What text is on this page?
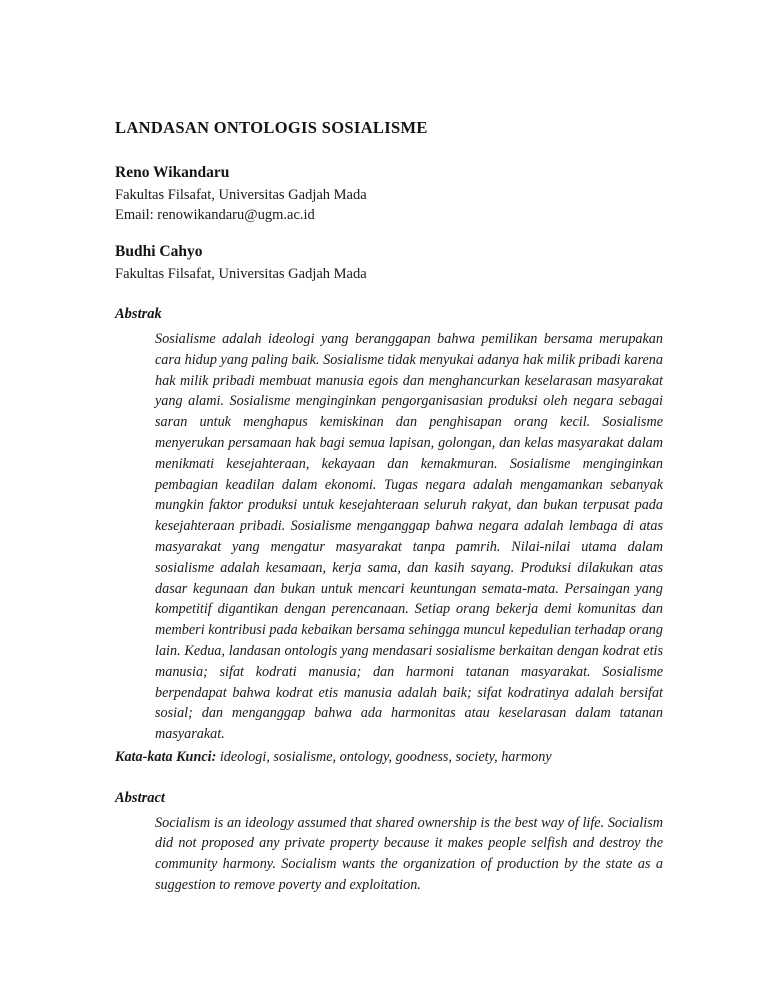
LANDASAN ONTOLOGIS SOSIALISME

Reno Wikandaru

Fakultas Filsafat, Universitas Gadjah Mada

Email: renowikandaru@ugm.ac.id

Budhi Cahyo

Fakultas Filsafat, Universitas Gadjah Mada

Abstrak

Sosialisme adalah ideologi yang beranggapan bahwa pemilikan bersama merupakan cara hidup yang paling baik. Sosialisme tidak menyukai adanya hak milik pribadi karena hak milik pribadi membuat manusia egois dan menghancurkan keselarasan masyarakat yang alami. Sosialisme menginginkan pengorganisasian produksi oleh negara sebagai saran untuk menghapus kemiskinan dan penghisapan orang kecil. Sosialisme menyerukan persamaan hak bagi semua lapisan, golongan, dan kelas masyarakat dalam menikmati kesejahteraan, kekayaan dan kemakmuran. Sosialisme menginginkan pembagian keadilan dalam ekonomi. Tugas negara adalah mengamankan sebanyak mungkin faktor produksi untuk kesejahteraan seluruh rakyat, dan bukan terpusat pada kesejahteraan pribadi. Sosialisme menganggap bahwa negara adalah lembaga di atas masyarakat yang mengatur masyarakat tanpa pamrih. Nilai-nilai utama dalam sosialisme adalah kesamaan, kerja sama, dan kasih sayang. Produksi dilakukan atas dasar kegunaan dan bukan untuk mencari keuntungan semata-mata. Persaingan yang kompetitif digantikan dengan perencanaan. Setiap orang bekerja demi komunitas dan memberi kontribusi pada kebaikan bersama sehingga muncul kepedulian terhadap orang lain. Kedua, landasan ontologis yang mendasari sosialisme berkaitan dengan kodrat etis manusia; sifat kodrati manusia; dan harmoni tatanan masyarakat. Sosialisme berpendapat bahwa kodrat etis manusia adalah baik; sifat kodratinya adalah bersifat sosial; dan menganggap bahwa ada harmonitas atau keselarasan dalam tatanan masyarakat.

Kata-kata Kunci: ideologi, sosialisme, ontology, goodness, society, harmony

Abstract

Socialism is an ideology assumed that shared ownership is the best way of life. Socialism did not proposed any private property because it makes people selfish and destroy the community harmony. Socialism wants the organization of production by the state as a suggestion to remove poverty and exploitation.
